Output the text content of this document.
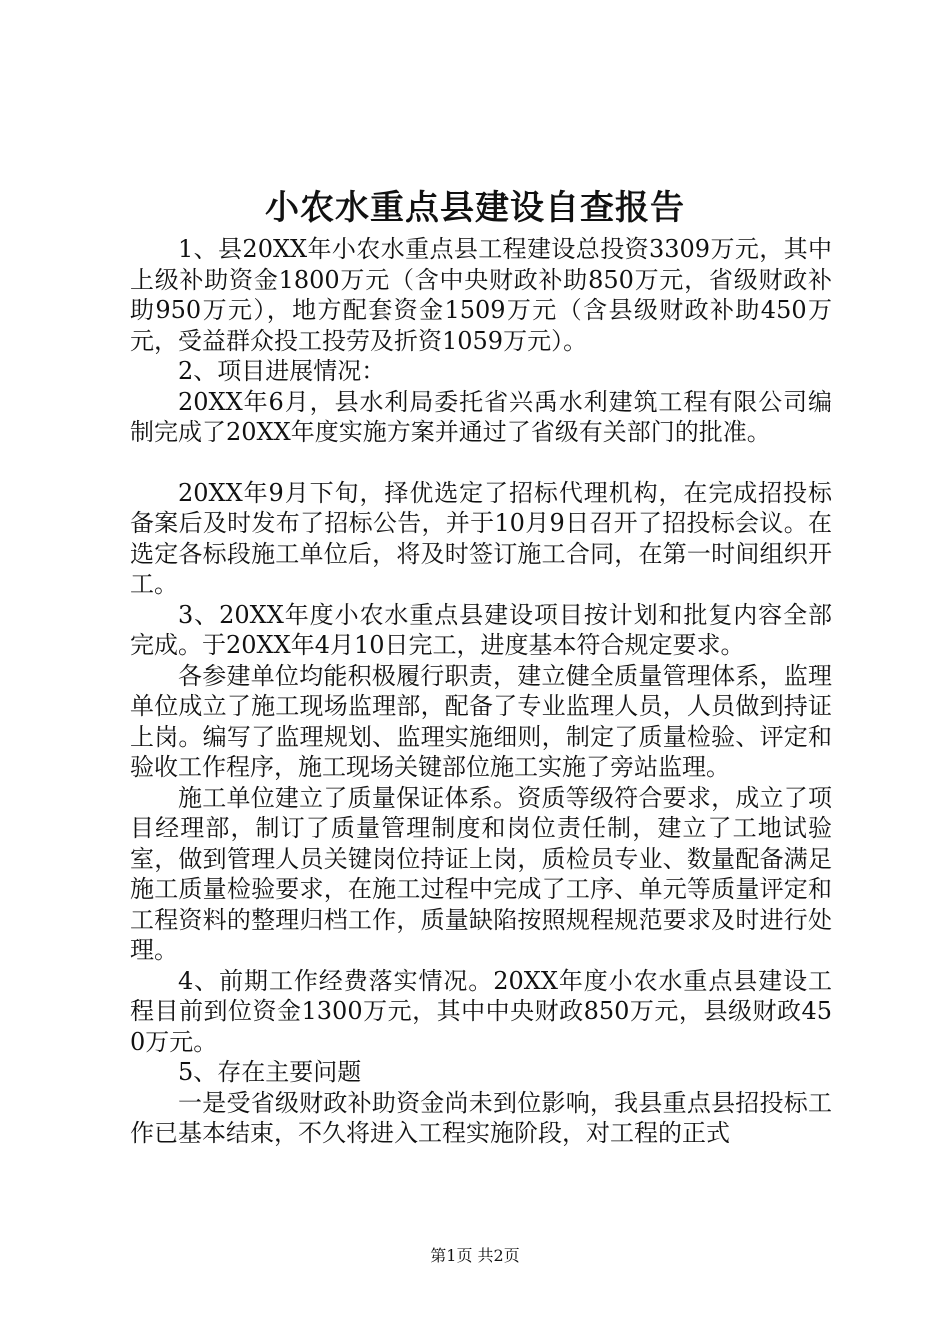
小农水重点县建设自查报告

1、县20XX年小农水重点县工程建设总投资3309万元，其中上级补助资金1800万元（含中央财政补助850万元，省级财政补助950万元），地方配套资金1509万元（含县级财政补助450万元，受益群众投工投劳及折资1059万元）。

2、项目进展情况：

20XX年6月，县水利局委托省兴禹水利建筑工程有限公司编制完成了20XX年度实施方案并通过了省级有关部门的批准。

20XX年9月下旬，择优选定了招标代理机构，在完成招投标备案后及时发布了招标公告，并于10月9日召开了招投标会议。在选定各标段施工单位后，将及时签订施工合同，在第一时间组织开工。

3、20XX年度小农水重点县建设项目按计划和批复内容全部完成。于20XX年4月10日完工，进度基本符合规定要求。

各参建单位均能积极履行职责，建立健全质量管理体系，监理单位成立了施工现场监理部，配备了专业监理人员，人员做到持证上岗。编写了监理规划、监理实施细则，制定了质量检验、评定和验收工作程序，施工现场关键部位施工实施了旁站监理。

施工单位建立了质量保证体系。资质等级符合要求，成立了项目经理部，制订了质量管理制度和岗位责任制，建立了工地试验室，做到管理人员关键岗位持证上岗，质检员专业、数量配备满足施工质量检验要求，在施工过程中完成了工序、单元等质量评定和工程资料的整理归档工作，质量缺陷按照规程规范要求及时进行处理。

4、前期工作经费落实情况。20XX年度小农水重点县建设工程目前到位资金1300万元，其中中央财政850万元，县级财政450万元。

5、存在主要问题

一是受省级财政补助资金尚未到位影响，我县重点县招投标工作已基本结束，不久将进入工程实施阶段，对工程的正式

第1页 共2页
